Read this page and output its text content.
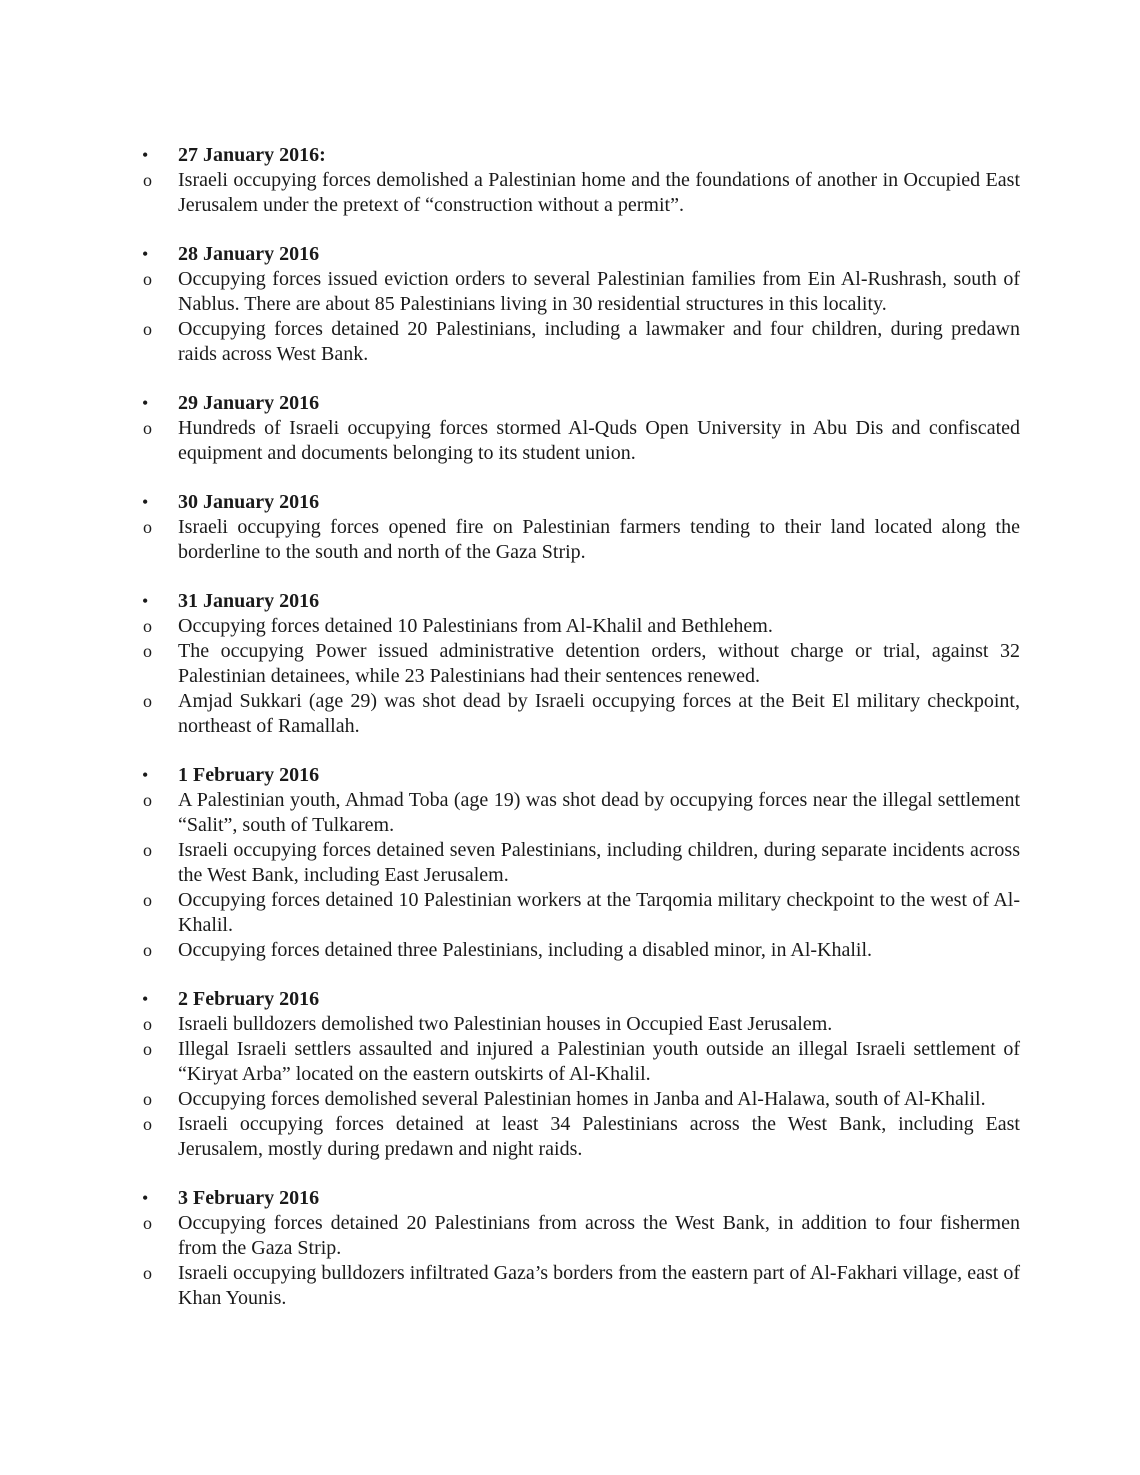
•	27 January 2016:
o	Israeli occupying forces demolished a Palestinian home and the foundations of another in Occupied East Jerusalem under the pretext of “construction without a permit”.
•	28 January 2016
o	Occupying forces issued eviction orders to several Palestinian families from Ein Al-Rushrash, south of Nablus. There are about 85 Palestinians living in 30 residential structures in this locality.
o	Occupying forces detained 20 Palestinians, including a lawmaker and four children, during predawn raids across West Bank.
•	29 January 2016
o	Hundreds of Israeli occupying forces stormed Al-Quds Open University in Abu Dis and confiscated equipment and documents belonging to its student union.
•	30 January 2016
o	Israeli occupying forces opened fire on Palestinian farmers tending to their land located along the borderline to the south and north of the Gaza Strip.
•	31 January 2016
o	Occupying forces detained 10 Palestinians from Al-Khalil and Bethlehem.
o	The occupying Power issued administrative detention orders, without charge or trial, against 32 Palestinian detainees, while 23 Palestinians had their sentences renewed.
o	Amjad Sukkari (age 29) was shot dead by Israeli occupying forces at the Beit El military checkpoint, northeast of Ramallah.
•	1 February 2016
o	A Palestinian youth, Ahmad Toba (age 19) was shot dead by occupying forces near the illegal settlement “Salit”, south of Tulkarem.
o	Israeli occupying forces detained seven Palestinians, including children, during separate incidents across the West Bank, including East Jerusalem.
o	Occupying forces detained 10 Palestinian workers at the Tarqomia military checkpoint to the west of Al-Khalil.
o	Occupying forces detained three Palestinians, including a disabled minor, in Al-Khalil.
•	2 February 2016
o	Israeli bulldozers demolished two Palestinian houses in Occupied East Jerusalem.
o	Illegal Israeli settlers assaulted and injured a Palestinian youth outside an illegal Israeli settlement of “Kiryat Arba” located on the eastern outskirts of Al-Khalil.
o	Occupying forces demolished several Palestinian homes in Janba and Al-Halawa, south of Al-Khalil.
o	Israeli occupying forces detained at least 34 Palestinians across the West Bank, including East Jerusalem, mostly during predawn and night raids.
•	3 February 2016
o	Occupying forces detained 20 Palestinians from across the West Bank, in addition to four fishermen from the Gaza Strip.
o	Israeli occupying bulldozers infiltrated Gaza’s borders from the eastern part of Al-Fakhari village, east of Khan Younis.
